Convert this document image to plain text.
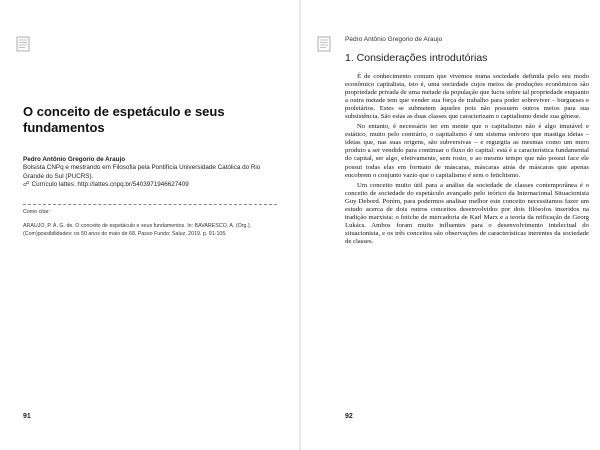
O conceito de espetáculo e seus fundamentos
Pedro Antônio Gregorio de Araujo
Bolsista CNPq e mestrando em Filosofia pela Pontifícia Universidade Católica do Rio Grande do Sul (PUCRS).
☍ Currículo lattes: http://lattes.cnpq.br/5403971946627409
Como citar:
ARAUJO, P. A. G. de. O conceito de espetáculo e seus fundamentos. In: BAVARESCO, A. (Org.). (Com)possibilidades: os 50 anos do maio de 68. Passo Fundo: Saluz, 2019. p. 91-105.
91
Pedro Antônio Gregorio de Araujo
1. Considerações introdutórias

É de conhecimento comum que vivemos numa sociedade definida pelo seu modo econômico capitalista, isto é, uma sociedade cujos meios de produções econômicos são propriedade privada de uma metade da população que lucra sobre tal propriedade enquanto a outra metade tem que vender sua força de trabalho para poder sobreviver – burgueses e proletários. Estes se submetem àqueles pois não possuem outros meios para sua subsistência. São estas as duas classes que caracterizam o capitalismo desde sua gênese.

No entanto, é necessário ter em mente que o capitalismo não é algo imutável e estático, muito pelo contrário, o capitalismo é um sistema onívoro que mastiga ideias – ideias que, nas suas origens, são subversivas – e regurgita as mesmas como um mero produto a ser vendido para continuar o fluxo do capital: está é a característica fundamental do capital, ser algo, efetivamente, sem rosto, e ao mesmo tempo que não possui face ele possui todas elas em formato de máscaras, máscaras atrás de máscaras que apenas encobrem o conjunto vazio que o capitalismo é sem o fetichismo.

Um conceito muito útil para a análise da sociedade de classes contemporânea é o conceito de sociedade do espetáculo avançado pelo teórico da Internacional Situacionista Guy Debord. Porém, para podermos analisar melhor este conceito necessitamos fazer um estudo acerca de dois outros conceitos desenvolvidos por dois filósofos inseridos na tradição marxista: o fetiche de mercadoria de Karl Marx e a teoria da reificação de Georg Lukács. Ambos foram muito influentes para o desenvolvimento intelectual do situacionista, e os três conceitos são observações de características inerentes da sociedade de classes.

92
